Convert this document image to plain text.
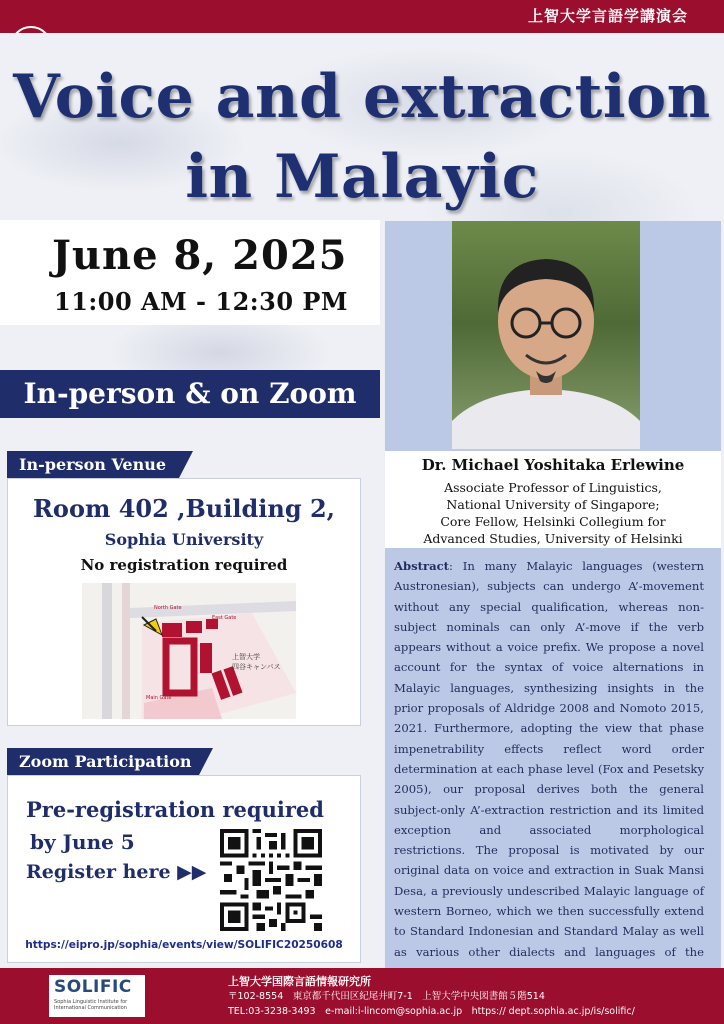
上智大学言語学講演会
Voice and extraction
in Malayic
June 8, 2025
11:00 AM - 12:30 PM
In-person & on Zoom
Dr. Michael Yoshitaka Erlewine
Associate Professor of Linguistics,
National University of Singapore;
Core Fellow, Helsinki Collegium for
Advanced Studies, University of Helsinki
Abstract: In many Malayic languages (western Austronesian), subjects can undergo A’-movement without any special qualification, whereas non-subject nominals can only A’-move if the verb appears without a voice prefix. We propose a novel account for the syntax of voice alternations in Malayic languages, synthesizing insights in the prior proposals of Aldridge 2008 and Nomoto 2015, 2021. Furthermore, adopting the view that phase impenetrability effects reflect word order determination at each phase level (Fox and Pesetsky 2005), our proposal derives both the general subject-only A’-extraction restriction and its limited exception and associated morphological restrictions. The proposal is motivated by our original data on voice and extraction in Suak Mansi Desa, a previously undescribed Malayic language of western Borneo, which we then successfully extend to Standard Indonesian and Standard Malay as well as various other dialects and languages of the
In-person Venue
Room 402 ,Building 2,
Sophia University
No registration required
North Gate
East Gate
上智大学
四谷キャンパス
Main Gate
Zoom Participation
Pre-registration required
by June 5
Register here ▶▶
https://eipro.jp/sophia/events/view/SOLIFIC20250608
SOLIFIC
Sophia Linguistic Institute for International Communication
上智大学国際言語情報研究所
〒102-8554　東京都千代田区紀尾井町7-1　上智大学中央図書館５階514
TEL:03-3238-3493　e-mail:i-lincom@sophia.ac.jp　https:// dept.sophia.ac.jp/is/solific/
